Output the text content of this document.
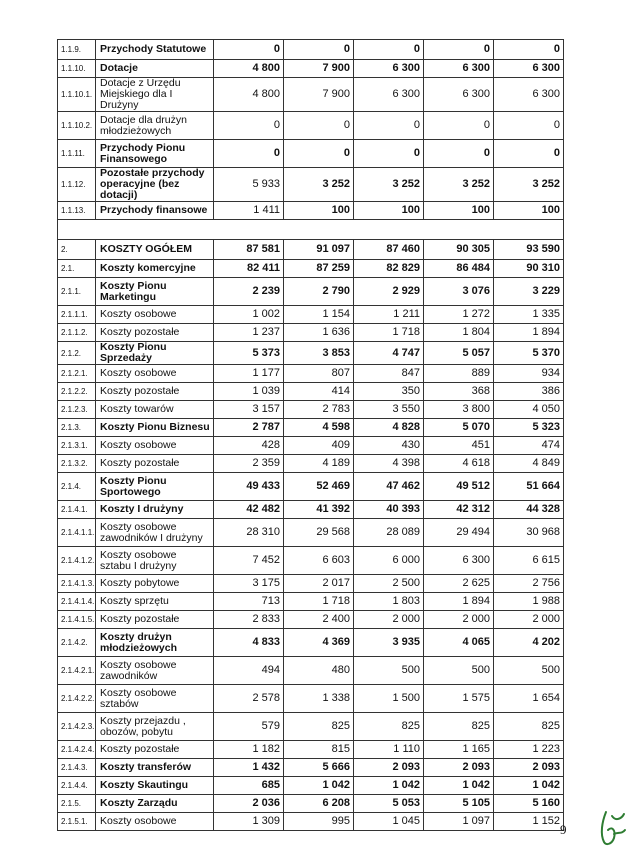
1.1.9.	Przychody Statutowe	0	0	0	0	0
1.1.10.	Dotacje	4 800	7 900	6 300	6 300	6 300
1.1.10.1.	Dotacje z Urzędu Miejskiego dla I Drużyny	4 800	7 900	6 300	6 300	6 300
1.1.10.2.	Dotacje dla drużyn młodzieżowych	0	0	0	0	0
1.1.11.	Przychody Pionu Finansowego	0	0	0	0	0
1.1.12.	Pozostałe przychody operacyjne (bez dotacji)	5 933	3 252	3 252	3 252	3 252
1.1.13.	Przychody finansowe	1 411	100	100	100	100

2.	KOSZTY OGÓŁEM	87 581	91 097	87 460	90 305	93 590
2.1.	Koszty komercyjne	82 411	87 259	82 829	86 484	90 310
2.1.1.	Koszty Pionu Marketingu	2 239	2 790	2 929	3 076	3 229
2.1.1.1.	Koszty osobowe	1 002	1 154	1 211	1 272	1 335
2.1.1.2.	Koszty pozostałe	1 237	1 636	1 718	1 804	1 894
2.1.2.	Koszty Pionu Sprzedaży	5 373	3 853	4 747	5 057	5 370
2.1.2.1.	Koszty osobowe	1 177	807	847	889	934
2.1.2.2.	Koszty pozostałe	1 039	414	350	368	386
2.1.2.3.	Koszty towarów	3 157	2 783	3 550	3 800	4 050
2.1.3.	Koszty Pionu Biznesu	2 787	4 598	4 828	5 070	5 323
2.1.3.1.	Koszty osobowe	428	409	430	451	474
2.1.3.2.	Koszty pozostałe	2 359	4 189	4 398	4 618	4 849
2.1.4.	Koszty Pionu Sportowego	49 433	52 469	47 462	49 512	51 664
2.1.4.1.	Koszty I drużyny	42 482	41 392	40 393	42 312	44 328
2.1.4.1.1.	Koszty osobowe zawodników I drużyny	28 310	29 568	28 089	29 494	30 968
2.1.4.1.2.	Koszty osobowe sztabu I drużyny	7 452	6 603	6 000	6 300	6 615
2.1.4.1.3.	Koszty pobytowe	3 175	2 017	2 500	2 625	2 756
2.1.4.1.4.	Koszty sprzętu	713	1 718	1 803	1 894	1 988
2.1.4.1.5.	Koszty pozostałe	2 833	2 400	2 000	2 000	2 000
2.1.4.2.	Koszty drużyn młodzieżowych	4 833	4 369	3 935	4 065	4 202
2.1.4.2.1.	Koszty osobowe zawodników	494	480	500	500	500
2.1.4.2.2.	Koszty osobowe sztabów	2 578	1 338	1 500	1 575	1 654
2.1.4.2.3.	Koszty przejazdu , obozów, pobytu	579	825	825	825	825
2.1.4.2.4.	Koszty pozostałe	1 182	815	1 110	1 165	1 223
2.1.4.3.	Koszty transferów	1 432	5 666	2 093	2 093	2 093
2.1.4.4.	Koszty Skautingu	685	1 042	1 042	1 042	1 042
2.1.5.	Koszty Zarządu	2 036	6 208	5 053	5 105	5 160
2.1.5.1.	Koszty osobowe	1 309	995	1 045	1 097	1 152
9
